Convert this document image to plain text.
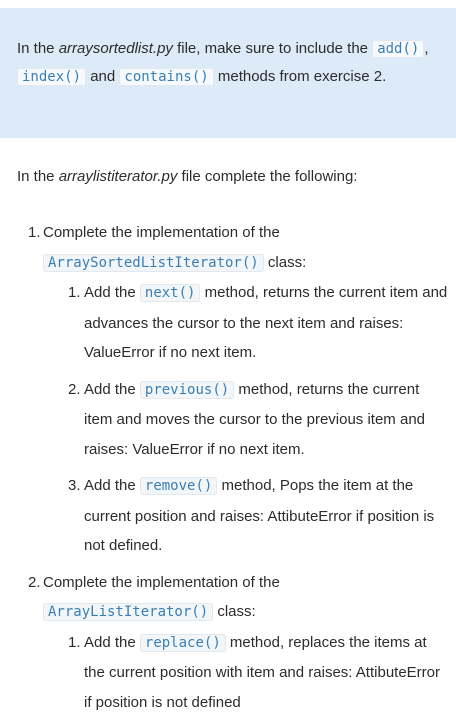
In the arraysortedlist.py file, make sure to include the add() , index() and contains() methods from exercise 2.
In the arraylistiterator.py file complete the following:
1. Complete the implementation of the
ArraySortedListIterator() class:
1. Add the next() method, returns the current item and advances the cursor to the next item and raises: ValueError if no next item.
2. Add the previous() method, returns the current item and moves the cursor to the previous item and raises: ValueError if no next item.
3. Add the remove() method, Pops the item at the current position and raises: AttibuteError if position is not defined.
2. Complete the implementation of the
ArrayListIterator() class:
1. Add the replace() method, replaces the items at the current position with item and raises: AttibuteError if position is not defined
